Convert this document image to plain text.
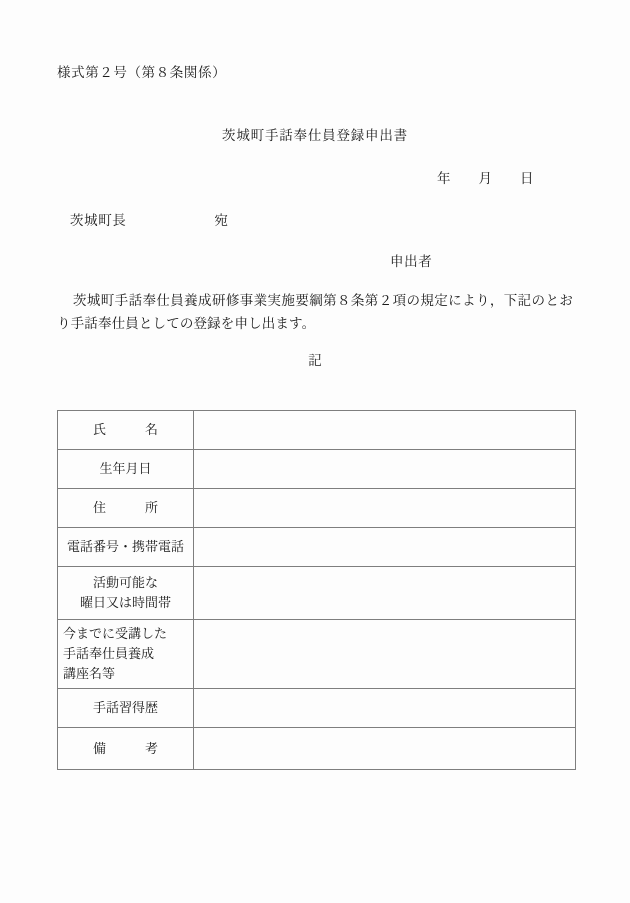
様式第２号（第８条関係）
茨城町手話奉仕員登録申出書
年 月 日
茨城町長	宛
申出者
茨城町手話奉仕員養成研修事業実施要綱第８条第２項の規定により，下記のとおり手話奉仕員としての登録を申し出ます。
記
氏　　　名	

生年月日	

住　　　所	

電話番号・携帯電話	

活動可能な
曜日又は時間帯	

今までに受講した
手話奉仕員養成
講座名等	

手話習得歴	

備　　　考	
